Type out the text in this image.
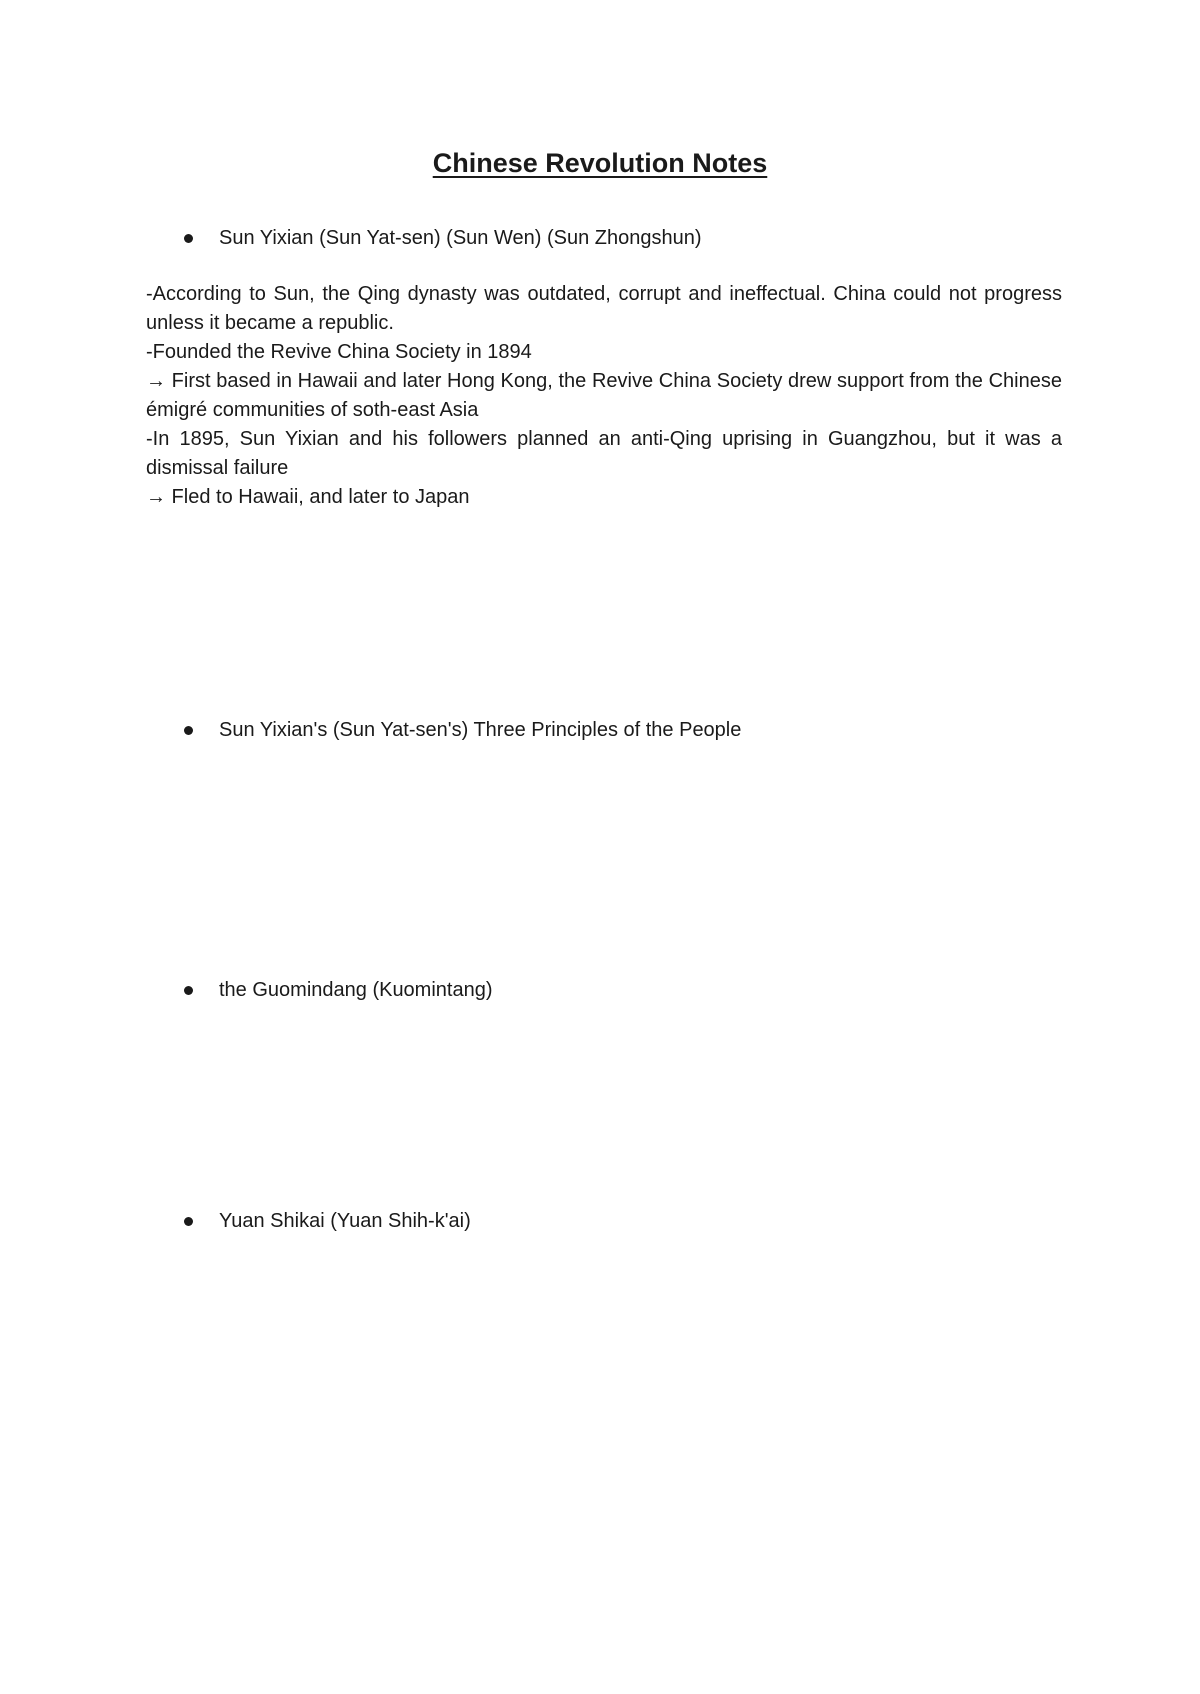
Chinese Revolution Notes
Sun Yixian (Sun Yat-sen) (Sun Wen) (Sun Zhongshun)

-According to Sun, the Qing dynasty was outdated, corrupt and ineffectual. China could not progress unless it became a republic.

-Founded the Revive China Society in 1894

→ First based in Hawaii and later Hong Kong, the Revive China Society drew support from the Chinese émigré communities of soth-east Asia

-In 1895, Sun Yixian and his followers planned an anti-Qing uprising in Guangzhou, but it was a dismissal failure

→ Fled to Hawaii, and later to Japan

Sun Yixian's (Sun Yat-sen's) Three Principles of the People
the Guomindang (Kuomintang)
Yuan Shikai (Yuan Shih-k'ai)
